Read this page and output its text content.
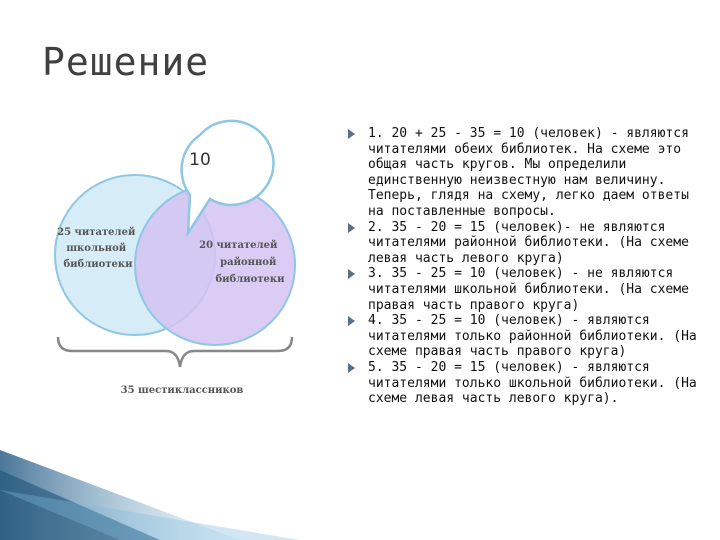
Решение
10
25 читателей школьной библиотеки
20 читателей районной библиотеки
35 шестиклассников
1. 20 + 25 - 35 = 10 (человек) - являются читателями обеих библиотек. На схеме это общая часть кругов. Мы определили единственную неизвестную нам величину. Теперь, глядя на схему, легко даем ответы на поставленные вопросы.
2. 35 - 20 = 15 (человек)- не являются читателями районной библиотеки. (На схеме левая часть левого круга)
3. 35 - 25 = 10 (человек) - не являются читателями школьной библиотеки. (На схеме правая часть правого круга)
4. 35 - 25 = 10 (человек) - являются читателями только районной библиотеки. (На схеме правая часть правого круга)
5. 35 - 20 = 15 (человек) - являются читателями только школьной библиотеки. (На схеме левая часть левого круга).
